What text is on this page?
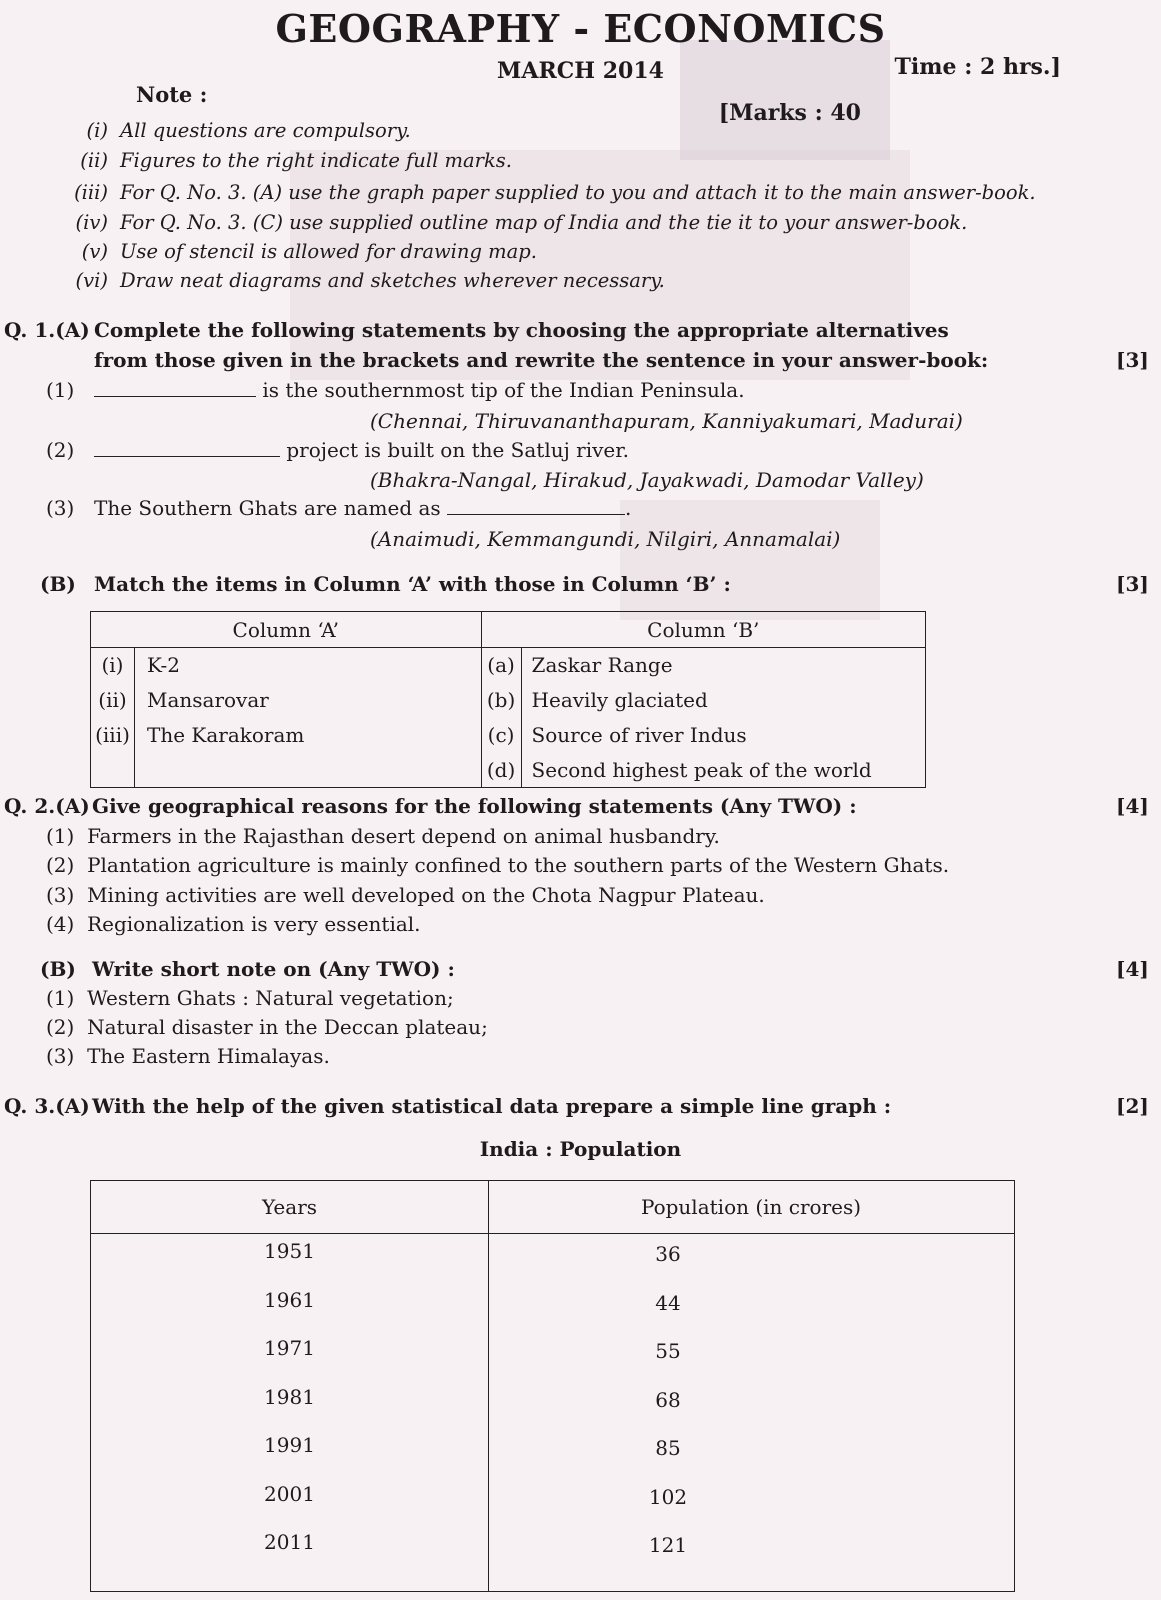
GEOGRAPHY - ECONOMICS
MARCH 2014	Time : 2 hrs.]
[Marks : 40
Note :
(i) All questions are compulsory.
(ii) Figures to the right indicate full marks.
(iii) For Q. No. 3. (A) use the graph paper supplied to you and attach it to the main answer-book.
(iv) For Q. No. 3. (C) use supplied outline map of India and the tie it to your answer-book.
(v) Use of stencil is allowed for drawing map.
(vi) Draw neat diagrams and sketches wherever necessary.
Q. 1.(A) Complete the following statements by choosing the appropriate alternatives
from those given in the brackets and rewrite the sentence in your answer-book:	[3]
(1)	is the southernmost tip of the Indian Peninsula.
(Chennai, Thiruvananthapuram, Kanniyakumari, Madurai)
(2)	project is built on the Satluj river.
(Bhakra-Nangal, Hirakud, Jayakwadi, Damodar Valley)
(3) The Southern Ghats are named as	.
(Anaimudi, Kemmangundi, Nilgiri, Annamalai)
(B) Match the items in Column ‘A’ with those in Column ‘B’ :	[3]
Column ‘A’		Column ‘B’	
(i)	K-2	(a)	Zaskar Range
(ii)	Mansarovar	(b)	Heavily glaciated
(iii)	The Karakoram	(c)	Source of river Indus
		(d)	Second highest peak of the world
Q. 2.(A) Give geographical reasons for the following statements (Any TWO) :	[4]
(1) Farmers in the Rajasthan desert depend on animal husbandry.
(2) Plantation agriculture is mainly confined to the southern parts of the Western Ghats.
(3) Mining activities are well developed on the Chota Nagpur Plateau.
(4) Regionalization is very essential.
(B) Write short note on (Any TWO) :	[4]
(1) Western Ghats : Natural vegetation;
(2) Natural disaster in the Deccan plateau;
(3) The Eastern Himalayas.
Q. 3.(A) With the help of the given statistical data prepare a simple line graph :	[2]
India : Population
Years	Population (in crores)
1951	36
1961	44
1971	55
1981	68
1991	85
2001	102
2011	121
